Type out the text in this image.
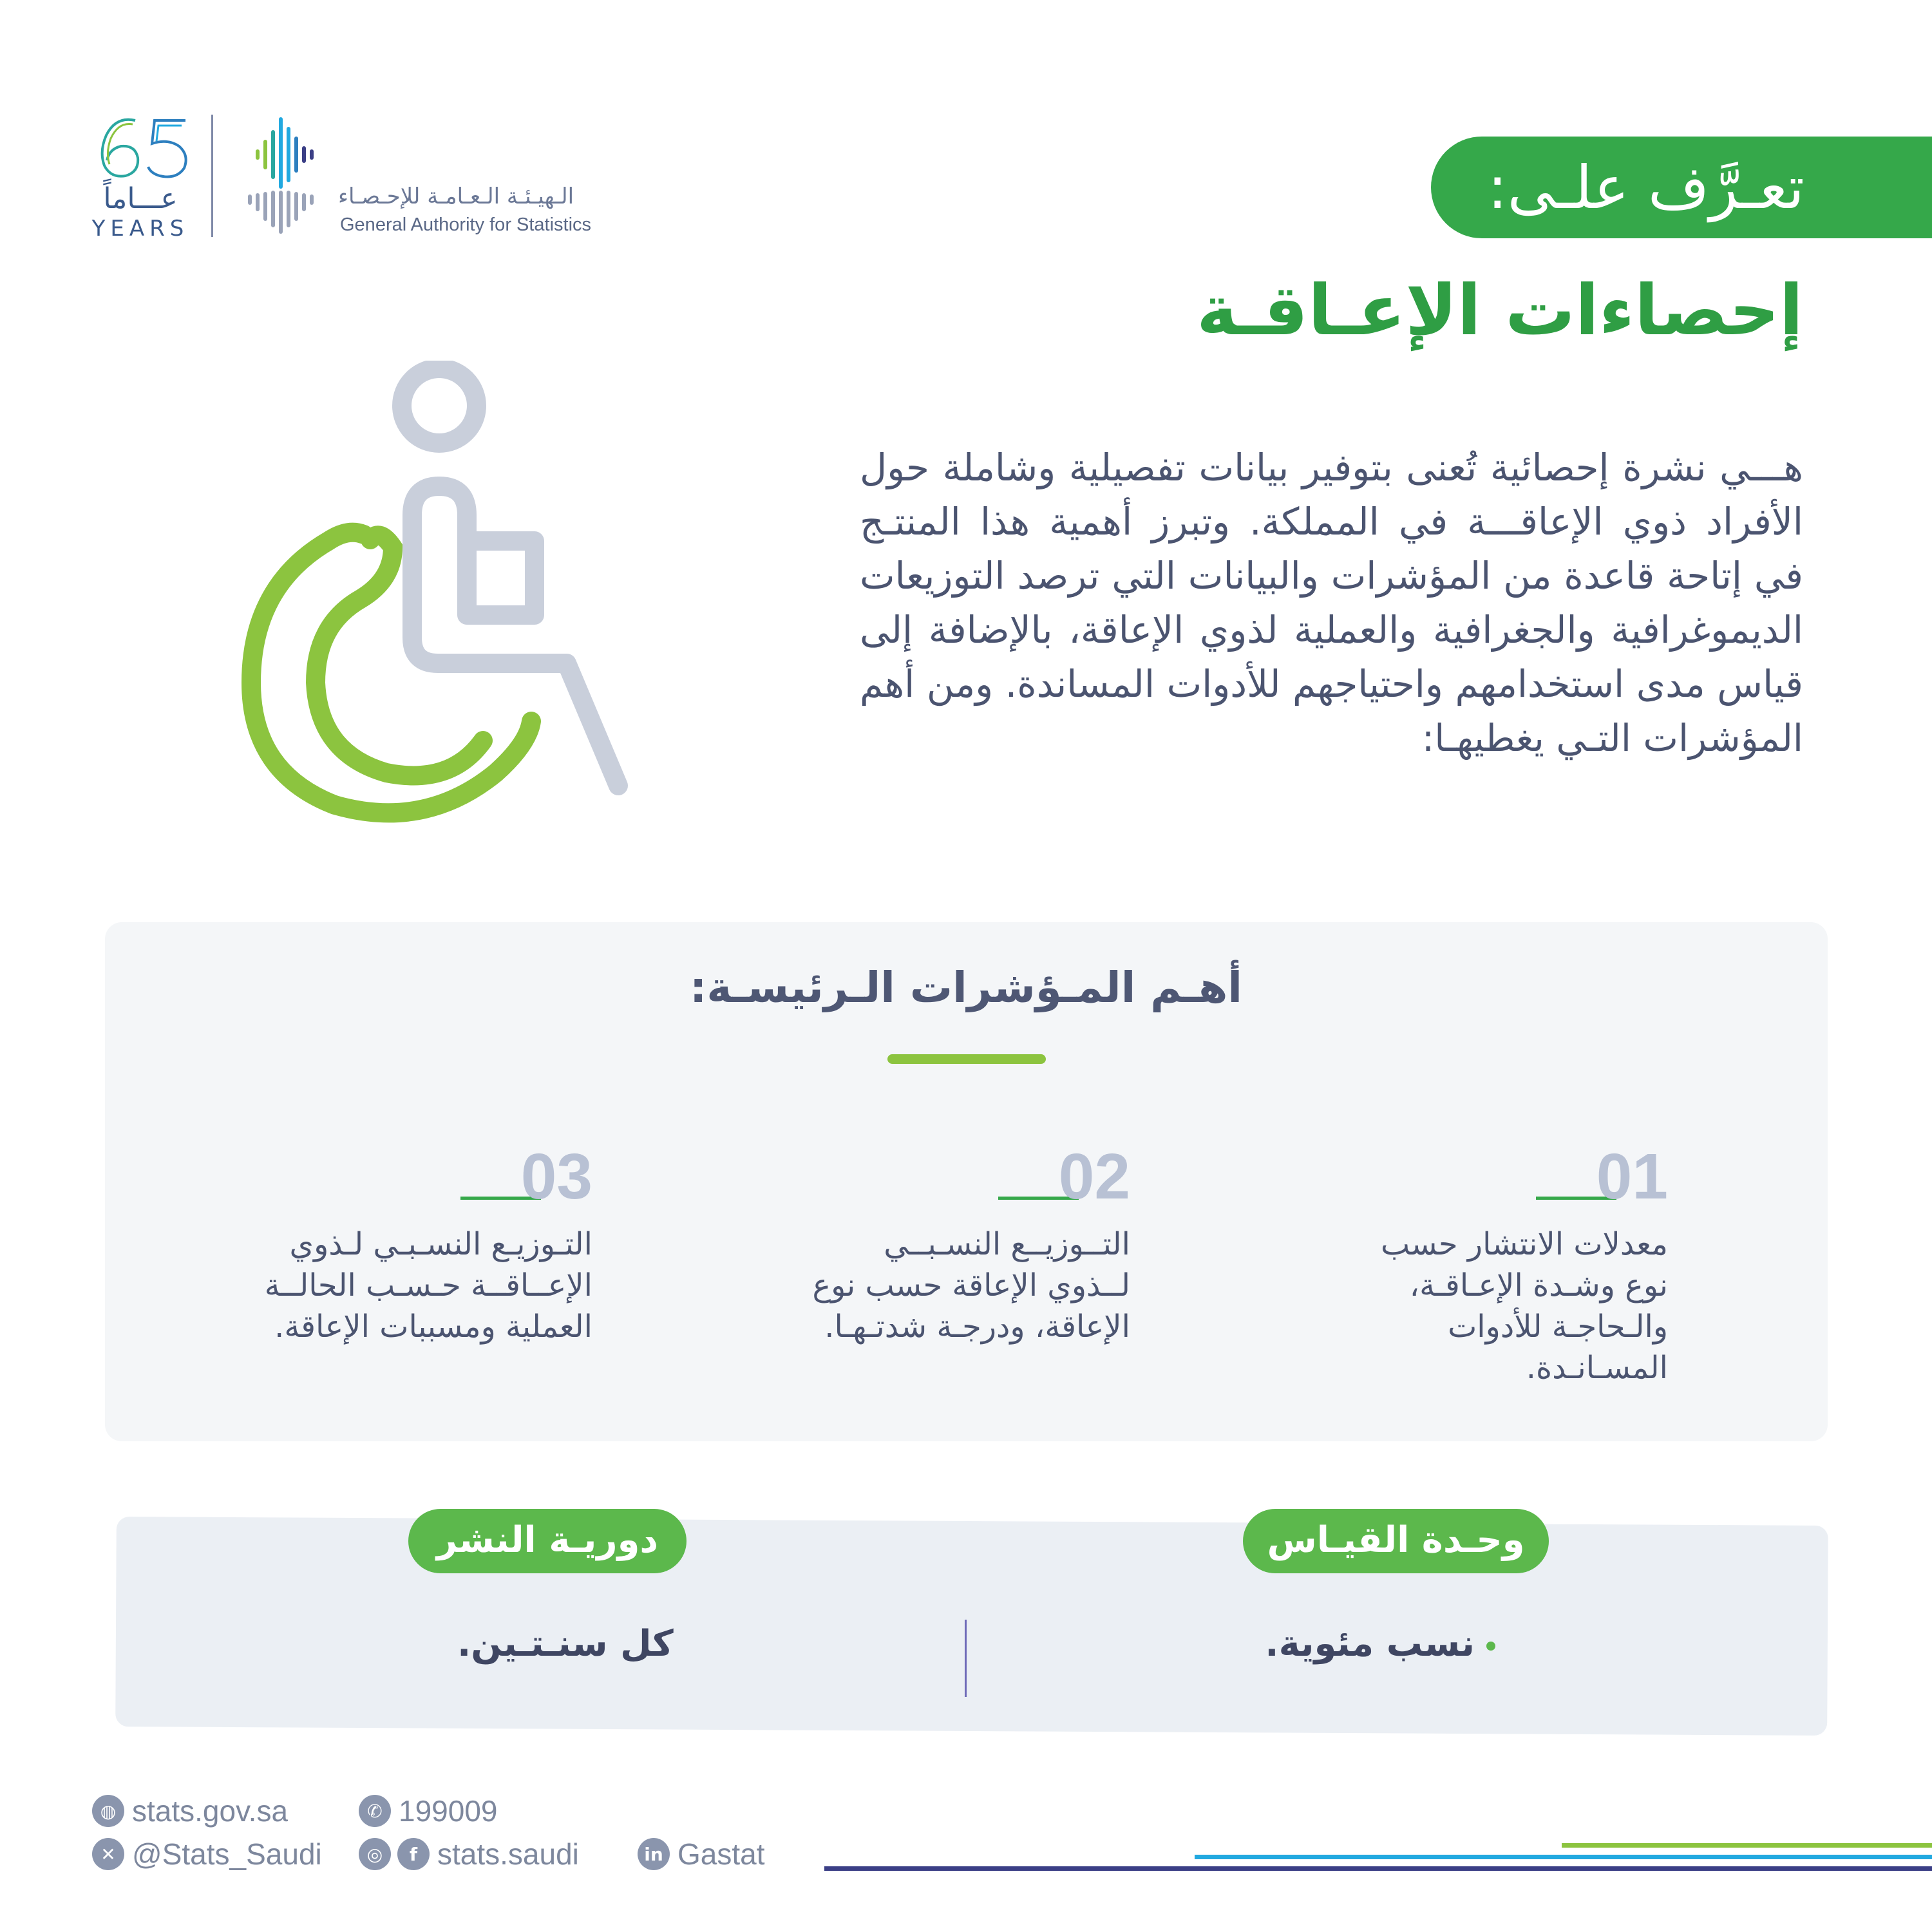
عـــاماً
YEARS
الـهيـئـة الـعـامـة للإحـصـاء
General Authority for Statistics
تعـرَّف علـى:
إحصاءات الإعـاقـة
هـــي نشرة إحصائية تُعنى بتوفير بيانات تفصيلية وشاملة حول الأفراد ذوي الإعاقـــة في المملكة. وتبرز أهمية هذا المنتـج في إتاحة قاعدة من المؤشرات والبيانات التي ترصد التوزيعات الديموغرافية والجغرافية والعملية لذوي الإعاقة، بالإضافة إلى قياس مدى استخدامهم واحتياجهم للأدوات المساندة. ومن أهم المؤشرات التـي يغطيهـا:
أهـم المـؤشرات الـرئيسـة:
01
معدلات الانتشار حسب نوع وشـدة الإعـاقـة، والـحاجـة للأدوات المسـانـدة.
02
التــوزيــع النسـبــي لــذوي الإعاقة حسب نوع الإعاقة، ودرجـة شدتـهـا.
03
التـوزيـع النسـبـي لـذوي الإعــاقــة حـسـب الحالــة العملية ومسببات الإعاقة.
وحـدة القيـاس
دوريـة النشر
نسب مئوية.
كل سنـتـين.
◍ stats.gov.sa	✆ 199009
✕ @Stats_Saudi	◎	f stats.saudi	in Gastat
